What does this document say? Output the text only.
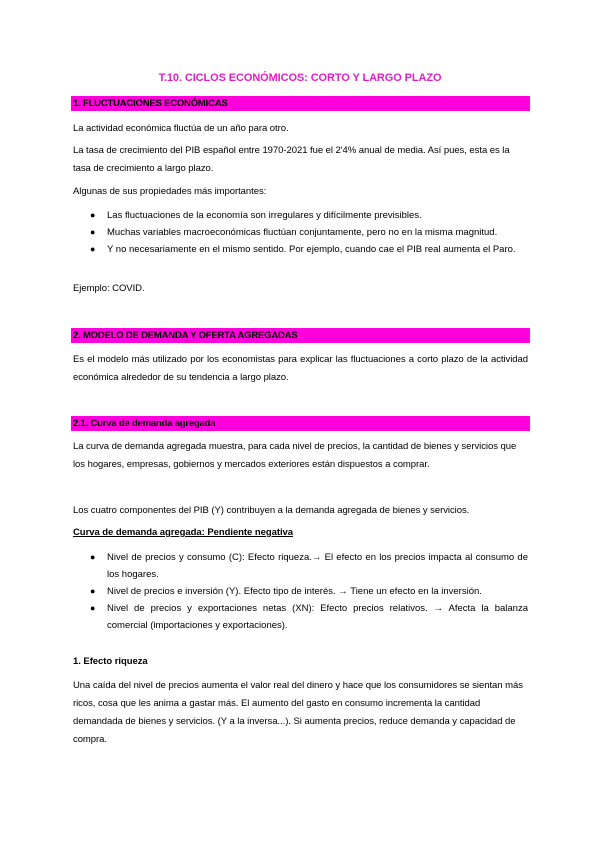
T.10. CICLOS ECONÓMICOS: CORTO Y LARGO PLAZO
1. FLUCTUACIONES ECONÓMICAS

La actividad económica fluctúa de un año para otro.

La tasa de crecimiento del PIB español entre 1970-2021 fue el 2'4% anual de media. Así pues, esta es la tasa de crecimiento a largo plazo.

Algunas de sus propiedades más importantes:

● Las fluctuaciones de la economía son irregulares y difícilmente previsibles.
● Muchas variables macroeconómicas fluctúan conjuntamente, pero no en la misma magnitud.
● Y no necesariamente en el mismo sentido. Por ejemplo, cuando cae el PIB real aumenta el Paro.

Ejemplo: COVID.

2. MODELO DE DEMANDA Y OFERTA AGREGADAS

Es el modelo más utilizado por los economistas para explicar las fluctuaciones a corto plazo de la actividad económica alrededor de su tendencia a largo plazo.

2.1. Curva de demanda agregada

La curva de demanda agregada muestra, para cada nivel de precios, la cantidad de bienes y servicios que los hogares, empresas, gobiernos y mercados exteriores están dispuestos a comprar.

Los cuatro componentes del PIB (Y) contribuyen a la demanda agregada de bienes y servicios.

Curva de demanda agregada: Pendiente negativa

● Nivel de precios y consumo (C): Efecto riqueza.→ El efecto en los precios impacta al consumo de los hogares.
● Nivel de precios e inversión (Y). Efecto tipo de interés. → Tiene un efecto en la inversión.
● Nivel de precios y exportaciones netas (XN): Efecto precios relativos. → Afecta la balanza comercial (importaciones y exportaciones).

1. Efecto riqueza

Una caída del nivel de precios aumenta el valor real del dinero y hace que los consumidores se sientan más ricos, cosa que les anima a gastar más. El aumento del gasto en consumo incrementa la cantidad demandada de bienes y servicios. (Y a la inversa...). Si aumenta precios, reduce demanda y capacidad de compra.
